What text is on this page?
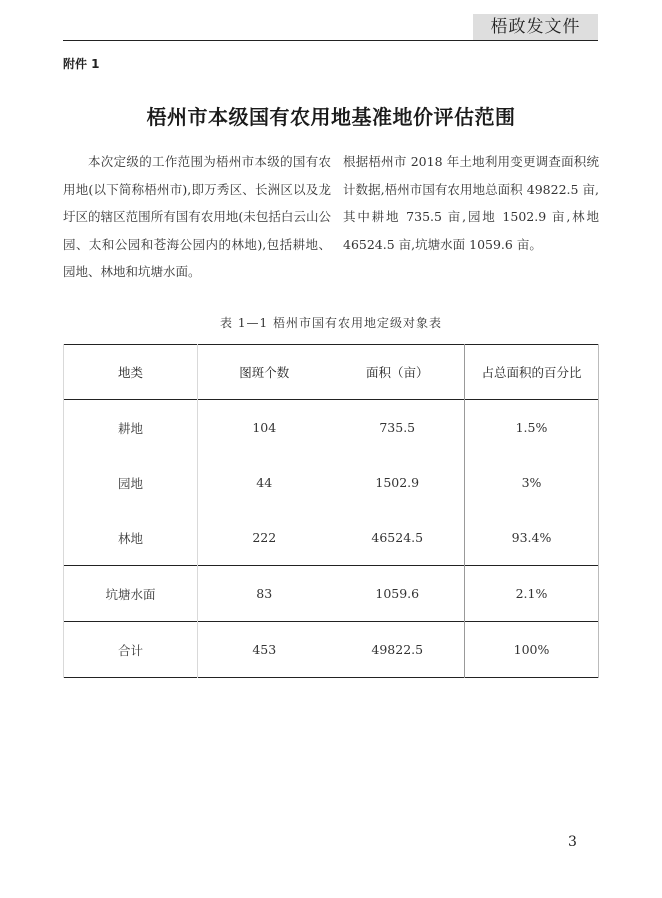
梧政发文件
附件 1
梧州市本级国有农用地基准地价评估范围

本次定级的工作范围为梧州市本级的国有农用地(以下简称梧州市),即万秀区、长洲区以及龙圩区的辖区范围所有国有农用地(未包括白云山公园、太和公园和苍海公园内的林地),包括耕地、园地、林地和坑塘水面。

根据梧州市 2018 年土地利用变更调查面积统计数据,梧州市国有农用地总面积 49822.5 亩,其中耕地 735.5 亩,园地 1502.9 亩,林地 46524.5 亩,坑塘水面 1059.6 亩。

表 1—1 梧州市国有农用地定级对象表
地类	图斑个数	面积（亩）	占总面积的百分比
耕地	104	735.5	1.5%
园地	44	1502.9	3%
林地	222	46524.5	93.4%
坑塘水面	83	1059.6	2.1%
合计	453	49822.5	100%
3
